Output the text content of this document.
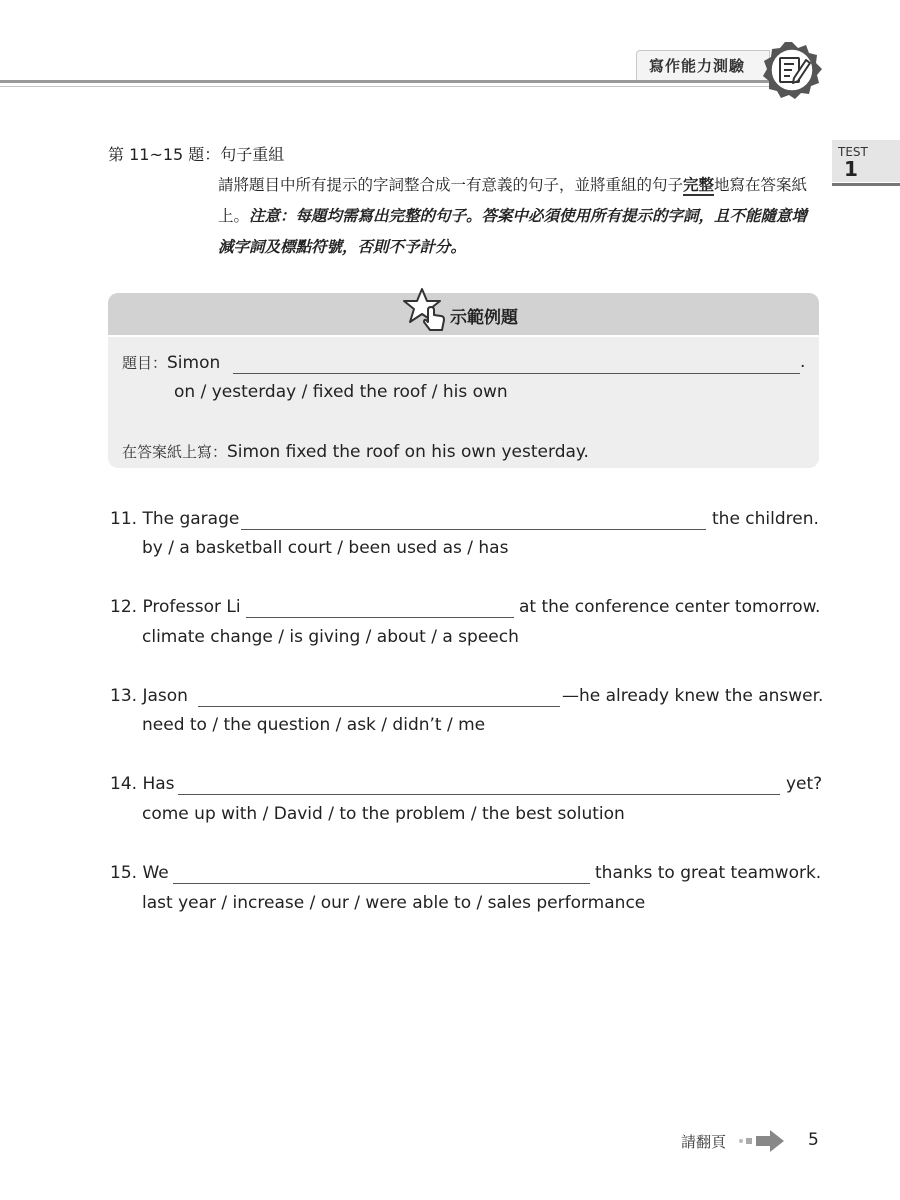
寫作能力測驗
TEST
1
第 11~15 題：句子重組
請將題目中所有提示的字詞整合成一有意義的句子，並將重組的句子完整地寫在答案紙上。注意：每題均需寫出完整的句子。答案中必須使用所有提示的字詞，且不能隨意增減字詞及標點符號，否則不予計分。
示範例題
題目：Simon	.
on / yesterday / fixed the roof / his own
在答案紙上寫：Simon fixed the roof on his own yesterday.
11. The garage	the children.
by / a basketball court / been used as / has
12. Professor Li	at the conference center tomorrow.
climate change / is giving / about / a speech
13. Jason	—he already knew the answer.
need to / the question / ask / didn’t / me
14. Has	yet?
come up with / David / to the problem / the best solution
15. We	thanks to great teamwork.
last year / increase / our / were able to / sales performance
請翻頁	5
